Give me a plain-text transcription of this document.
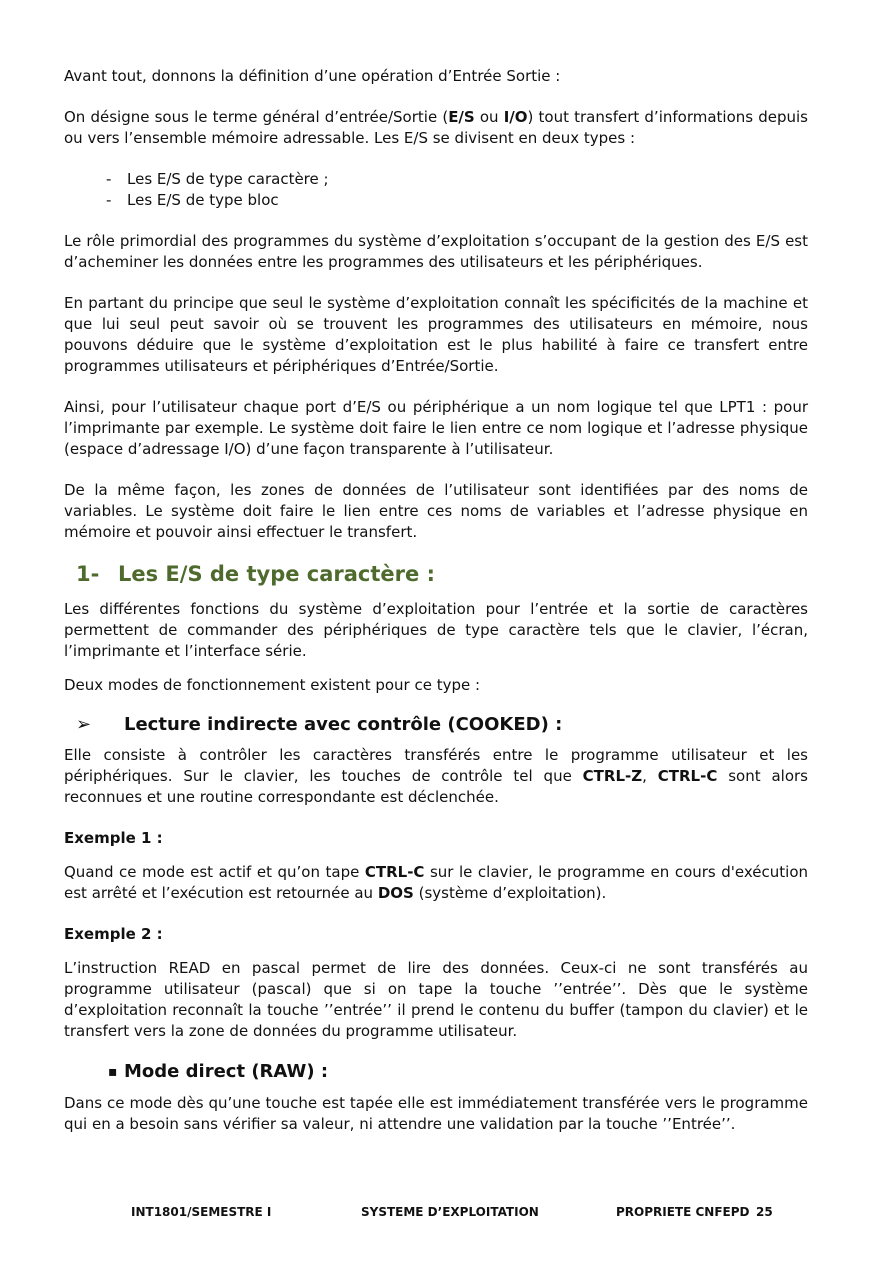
Avant tout, donnons la définition d’une opération d’Entrée Sortie :

On désigne sous le terme général d’entrée/Sortie (E/S ou I/O) tout transfert d’informations depuis ou vers l’ensemble mémoire adressable. Les E/S se divisent en deux types :

- Les E/S de type caractère ;
- Les E/S de type bloc

Le rôle primordial des programmes du système d’exploitation s’occupant de la gestion des E/S est d’acheminer les données entre les programmes des utilisateurs et les périphériques.

En partant du principe que seul le système d’exploitation connaît les spécificités de la machine et que lui seul peut savoir où se trouvent les programmes des utilisateurs en mémoire, nous pouvons déduire que le système d’exploitation est le plus habilité à faire ce transfert entre programmes utilisateurs et périphériques d’Entrée/Sortie.

Ainsi, pour l’utilisateur chaque port d’E/S ou périphérique a un nom logique tel que LPT1 : pour l’imprimante par exemple. Le système doit faire le lien entre ce nom logique et l’adresse physique (espace d’adressage I/O) d’une façon transparente à l’utilisateur.

De la même façon, les zones de données de l’utilisateur sont identifiées par des noms de variables. Le système doit faire le lien entre ces noms de variables et l’adresse physique en mémoire et pouvoir ainsi effectuer le transfert.

1- Les E/S de type caractère :

Les différentes fonctions du système d’exploitation pour l’entrée et la sortie de caractères permettent de commander des périphériques de type caractère tels que le clavier, l’écran, l’imprimante et l’interface série.

Deux modes de fonctionnement existent pour ce type :

➢ Lecture indirecte avec contrôle (COOKED) :

Elle consiste à contrôler les caractères transférés entre le programme utilisateur et les périphériques. Sur le clavier, les touches de contrôle tel que CTRL-Z, CTRL-C sont alors reconnues et une routine correspondante est déclenchée.

Exemple 1 :

Quand ce mode est actif et qu’on tape CTRL-C sur le clavier, le programme en cours d'exécution est arrêté et l’exécution est retournée au DOS (système d’exploitation).

Exemple 2 :

L’instruction READ en pascal permet de lire des données. Ceux-ci ne sont transférés au programme utilisateur (pascal) que si on tape la touche ’’entrée’’. Dès que le système d’exploitation reconnaît la touche ’’entrée’’ il prend le contenu du buffer (tampon du clavier) et le transfert vers la zone de données du programme utilisateur.

▪ Mode direct (RAW) :

Dans ce mode dès qu’une touche est tapée elle est immédiatement transférée vers le programme qui en a besoin sans vérifier sa valeur, ni attendre une validation par la touche ’’Entrée’’.

INT1801/SEMESTRE I	SYSTEME D’EXPLOITATION	PROPRIETE CNFEPD 25
